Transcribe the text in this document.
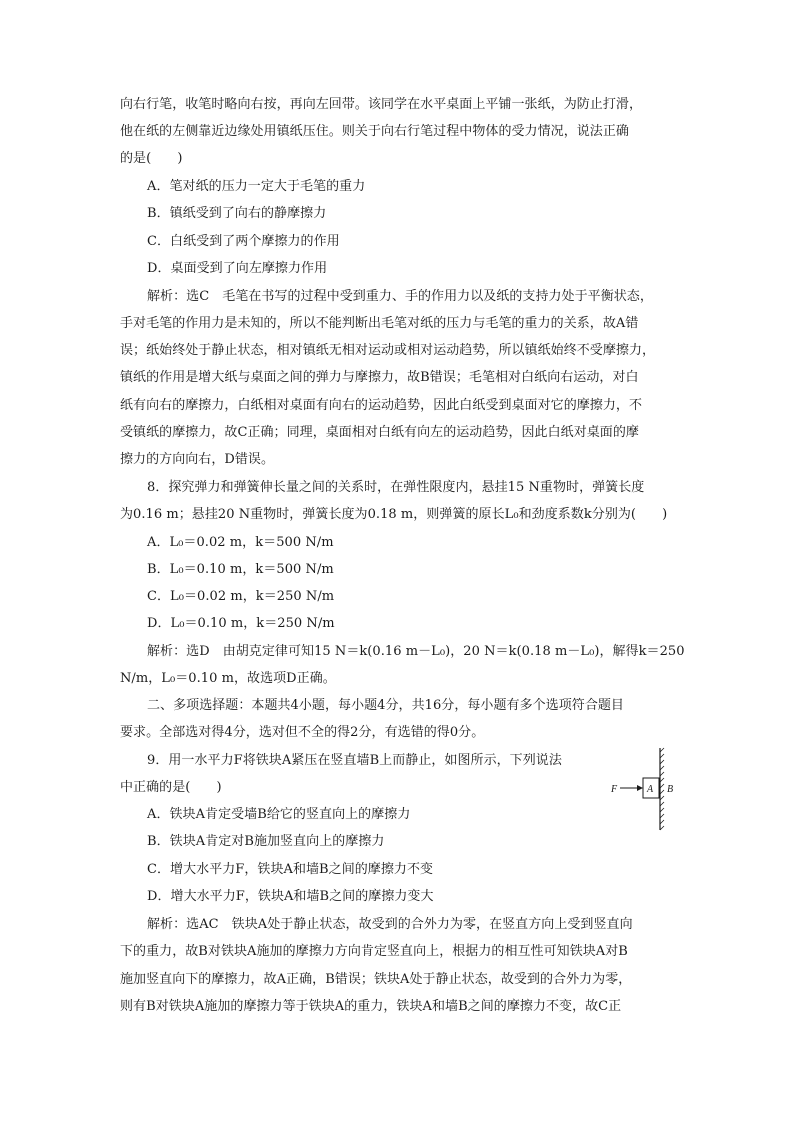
向右行笔，收笔时略向右按，再向左回带。该同学在水平桌面上平铺一张纸，为防止打滑，
他在纸的左侧靠近边缘处用镇纸压住。则关于向右行笔过程中物体的受力情况，说法正确
的是(　　)
A．笔对纸的压力一定大于毛笔的重力
B．镇纸受到了向右的静摩擦力
C．白纸受到了两个摩擦力的作用
D．桌面受到了向左摩擦力作用
解析：选C　毛笔在书写的过程中受到重力、手的作用力以及纸的支持力处于平衡状态，
手对毛笔的作用力是未知的，所以不能判断出毛笔对纸的压力与毛笔的重力的关系，故A错
误；纸始终处于静止状态，相对镇纸无相对运动或相对运动趋势，所以镇纸始终不受摩擦力，
镇纸的作用是增大纸与桌面之间的弹力与摩擦力，故B错误；毛笔相对白纸向右运动，对白
纸有向右的摩擦力，白纸相对桌面有向右的运动趋势，因此白纸受到桌面对它的摩擦力，不
受镇纸的摩擦力，故C正确；同理，桌面相对白纸有向左的运动趋势，因此白纸对桌面的摩
擦力的方向向右，D错误。
8．探究弹力和弹簧伸长量之间的关系时，在弹性限度内，悬挂15 N重物时，弹簧长度
为0.16 m；悬挂20 N重物时，弹簧长度为0.18 m，则弹簧的原长L₀和劲度系数k分别为(　　)
A．L₀＝0.02 m，k＝500 N/m
B．L₀＝0.10 m，k＝500 N/m
C．L₀＝0.02 m，k＝250 N/m
D．L₀＝0.10 m，k＝250 N/m
解析：选D　由胡克定律可知15 N＝k(0.16 m－L₀)，20 N＝k(0.18 m－L₀)，解得k＝250
N/m，L₀＝0.10 m，故选项D正确。
二、多项选择题：本题共4小题，每小题4分，共16分，每小题有多个选项符合题目
要求。全部选对得4分，选对但不全的得2分，有选错的得0分。
9．用一水平力F将铁块A紧压在竖直墙B上而静止，如图所示，下列说法
中正确的是(　　)	F	A B
A．铁块A肯定受墙B给它的竖直向上的摩擦力
B．铁块A肯定对B施加竖直向上的摩擦力
C．增大水平力F，铁块A和墙B之间的摩擦力不变
D．增大水平力F，铁块A和墙B之间的摩擦力变大
解析：选AC　铁块A处于静止状态，故受到的合外力为零，在竖直方向上受到竖直向
下的重力，故B对铁块A施加的摩擦力方向肯定竖直向上，根据力的相互性可知铁块A对B
施加竖直向下的摩擦力，故A正确，B错误；铁块A处于静止状态，故受到的合外力为零，
则有B对铁块A施加的摩擦力等于铁块A的重力，铁块A和墙B之间的摩擦力不变，故C正
